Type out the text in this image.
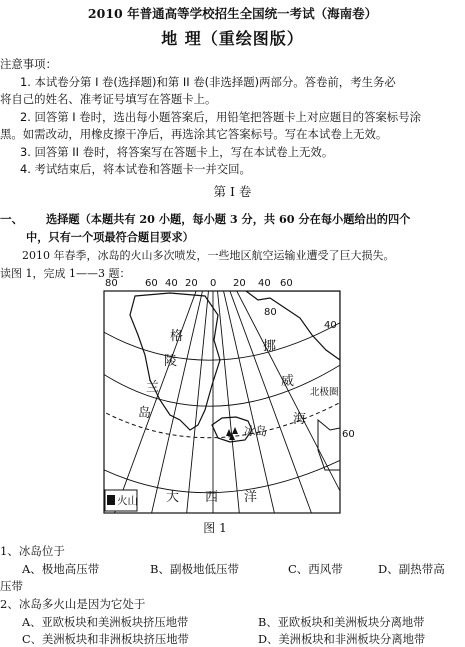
2010 年普通高等学校招生全国统一考试（海南卷）
地 理（重绘图版）
注意事项：
1. 本试卷分第 I 卷(选择题)和第 II 卷(非选择题)两部分。答卷前，考生务必
将自己的姓名、准考证号填写在答题卡上。
2. 回答第 I 卷时，选出每小题答案后，用铅笔把答题卡上对应题目的答案标号涂
黑。如需改动，用橡皮擦干净后，再选涂其它答案标号。写在本试卷上无效。
3. 回答第 II 卷时，将答案写在答题卡上，写在本试卷上无效。
4. 考试结束后，将本试卷和答题卡一并交回。
第 I 卷
一、 选择题（本题共有 20 小题，每小题 3 分，共 60 分在每小题给出的四个
中，只有一个项最符合题目要求）
2010 年春季，冰岛的火山多次喷发，一些地区航空运输业遭受了巨大损失。
读图 1，完成 1——3 题：
80	60 40 20 0 20 40 60
80
40
60
格
陵
兰
岛
挪
威
海
北极圈
冰岛
大 西 洋
火山
图 1
1、冰岛位于
A、极地高压带	B、副极地低压带	C、西风带	D、副热带高
压带
2、冰岛多火山是因为它处于
A、亚欧板块和美洲板块挤压地带	B、亚欧板块和美洲板块分离地带
C、美洲板块和非洲板块挤压地带	D、美洲板块和非洲板块分离地带
